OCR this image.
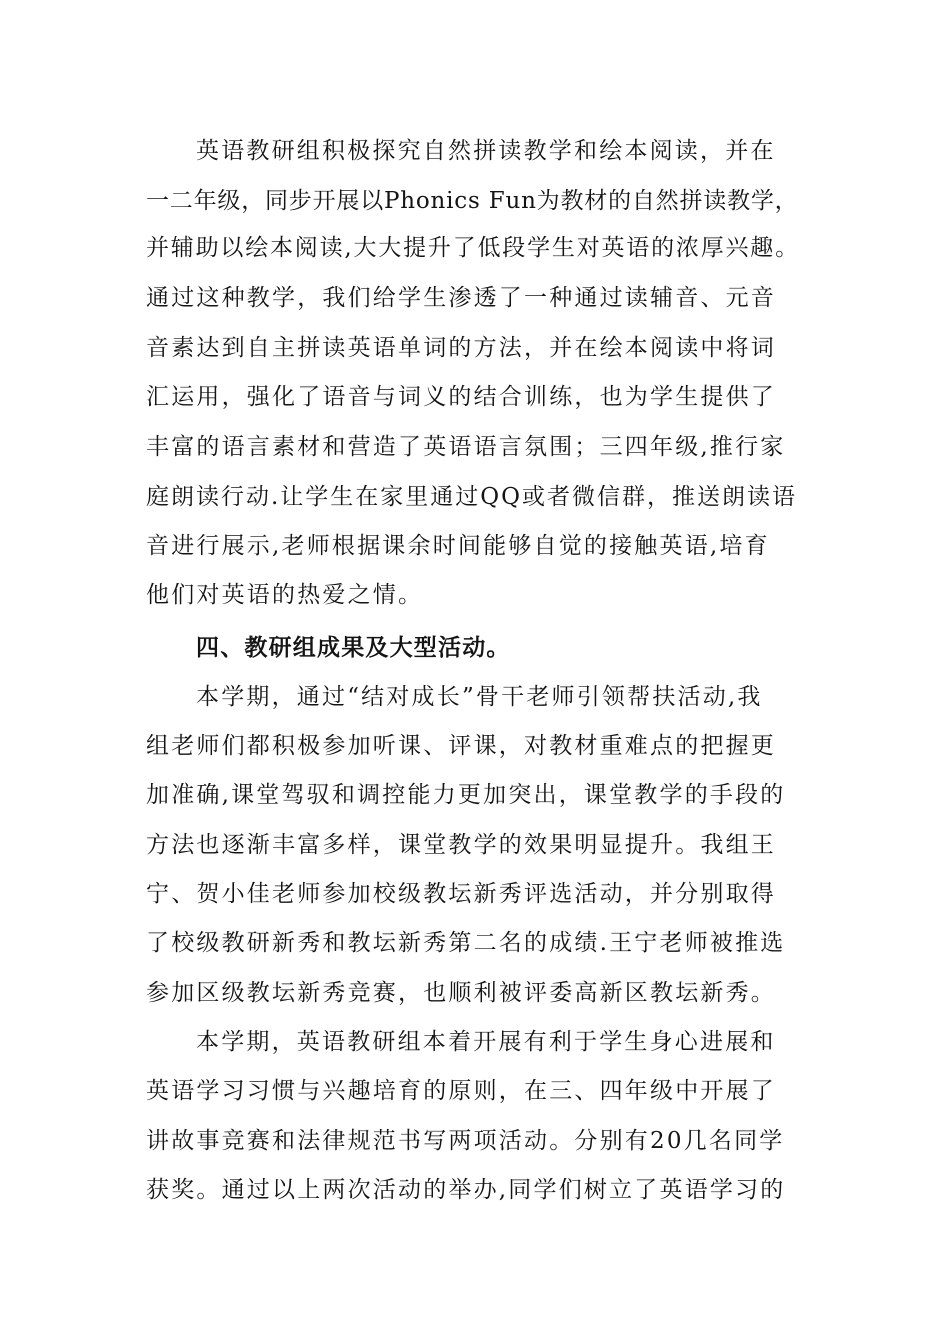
英语教研组积极探究自然拼读教学和绘本阅读，并在
一二年级，同步开展以Phonics Fun为教材的自然拼读教学，
并辅助以绘本阅读,大大提升了低段学生对英语的浓厚兴趣。
通过这种教学，我们给学生渗透了一种通过读辅音、元音
音素达到自主拼读英语单词的方法，并在绘本阅读中将词
汇运用，强化了语音与词义的结合训练，也为学生提供了
丰富的语言素材和营造了英语语言氛围；三四年级,推行家
庭朗读行动.让学生在家里通过QQ或者微信群，推送朗读语
音进行展示,老师根据课余时间能够自觉的接触英语,培育
他们对英语的热爱之情。
四、教研组成果及大型活动。
本学期，通过“结对成长”骨干老师引领帮扶活动,我
组老师们都积极参加听课、评课，对教材重难点的把握更
加准确,课堂驾驭和调控能力更加突出，课堂教学的手段的
方法也逐渐丰富多样，课堂教学的效果明显提升。我组王
宁、贺小佳老师参加校级教坛新秀评选活动，并分别取得
了校级教研新秀和教坛新秀第二名的成绩.王宁老师被推选
参加区级教坛新秀竞赛，也顺利被评委高新区教坛新秀。
本学期，英语教研组本着开展有利于学生身心进展和
英语学习习惯与兴趣培育的原则，在三、四年级中开展了
讲故事竞赛和法律规范书写两项活动。分别有20几名同学
获奖。通过以上两次活动的举办,同学们树立了英语学习的
